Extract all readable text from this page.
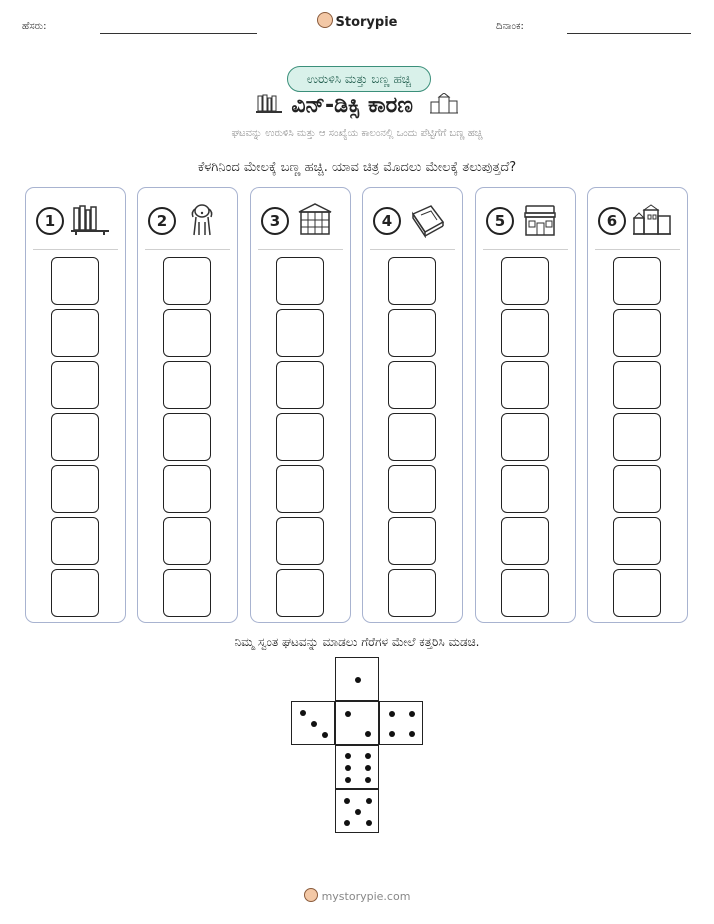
ಹೆಸರು:	Storypie	ದಿನಾಂಕ:
ಉರುಳಿಸಿ ಮತ್ತು ಬಣ್ಣ ಹಚ್ಚಿ
ವಿನ್-ಡಿಕ್ಸಿ ಕಾರಣ
ಘಟವನ್ನು ಉರುಳಿಸಿ ಮತ್ತು ಆ ಸಂಖ್ಯೆಯ ಕಾಲಂನಲ್ಲಿ ಒಂದು ಪೆಟ್ಟಿಗೆಗೆ ಬಣ್ಣ ಹಚ್ಚಿ
ಕೆಳಗಿನಿಂದ ಮೇಲಕ್ಕೆ ಬಣ್ಣ ಹಚ್ಚಿ. ಯಾವ ಚಿತ್ರ ಮೊದಲು ಮೇಲಕ್ಕೆ ತಲುಪುತ್ತದೆ?
1	2	3	4	5	6
ನಿಮ್ಮ ಸ್ವಂತ ಘಟವನ್ನು ಮಾಡಲು ಗೆರೆಗಳ ಮೇಲೆ ಕತ್ತರಿಸಿ ಮಡಚಿ.
mystorypie.com
